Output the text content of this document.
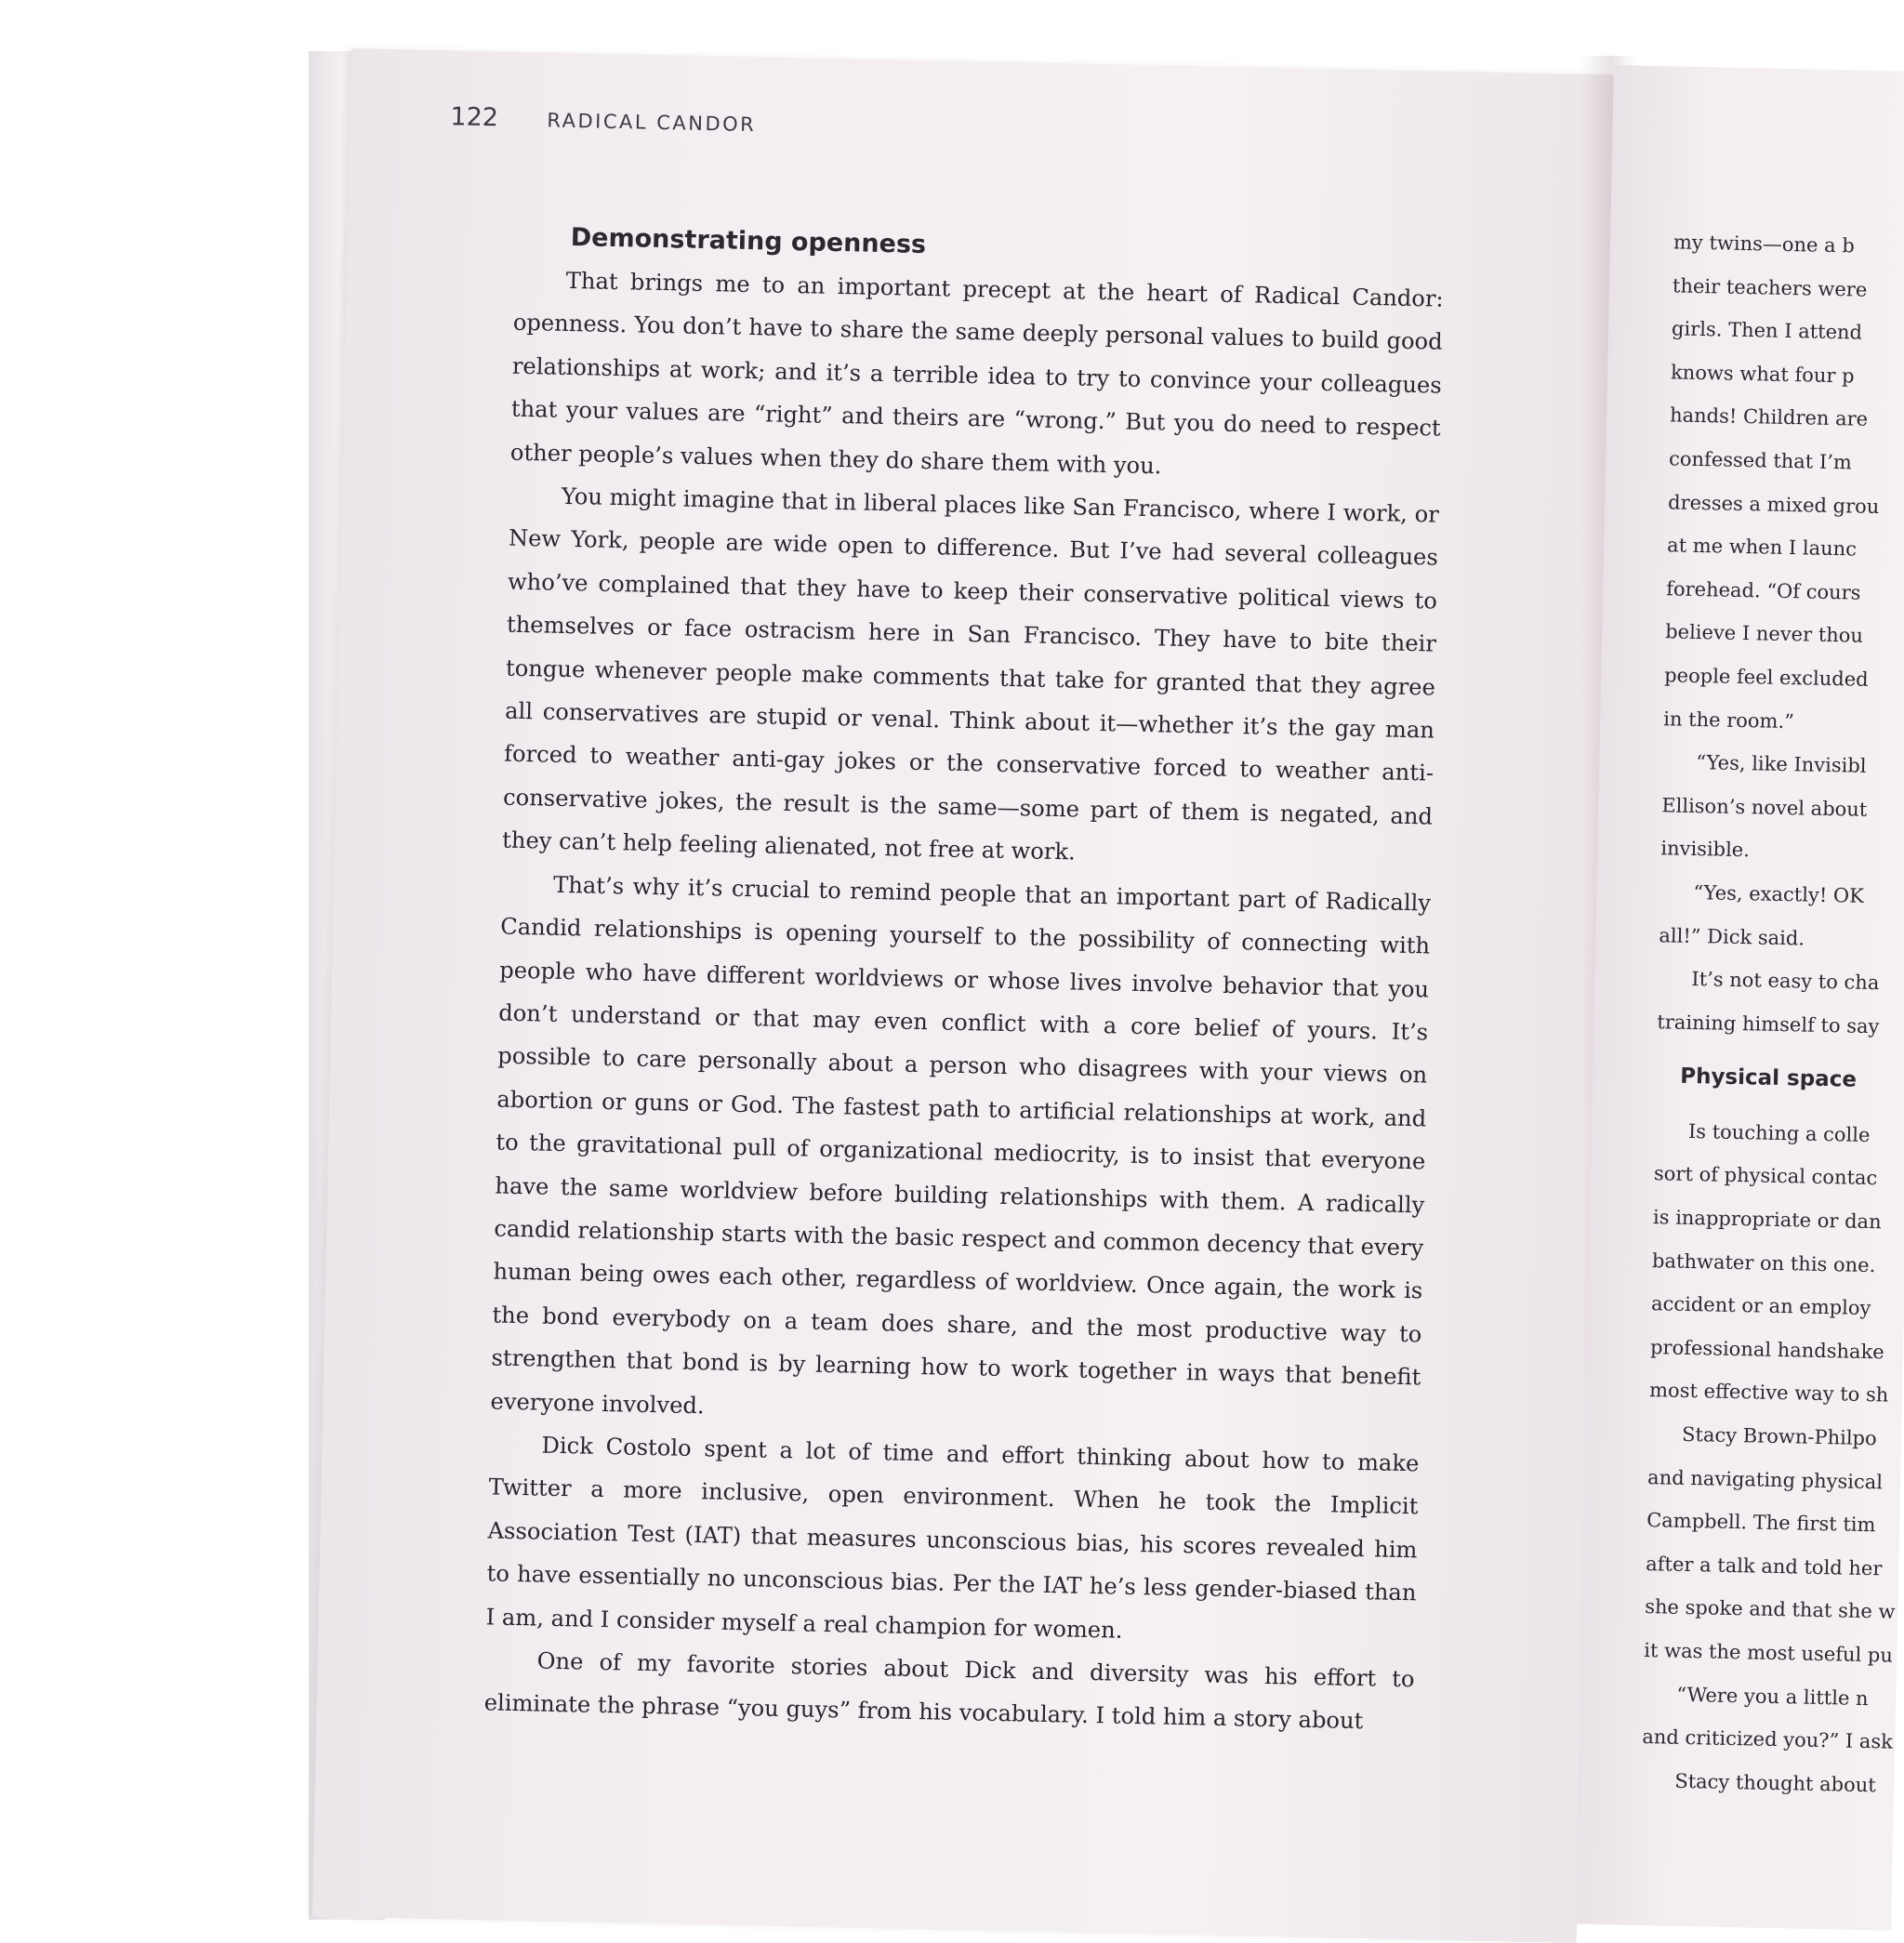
122 RADICAL CANDOR
Demonstrating openness

That brings me to an important precept at the heart of Radical Candor: openness. You don’t have to share the same deeply personal values to build good relationships at work; and it’s a terrible idea to try to convince your colleagues that your values are “right” and theirs are “wrong.” But you do need to respect other people’s values when they do share them with you.

You might imagine that in liberal places like San Francisco, where I work, or New York, people are wide open to difference. But I’ve had several colleagues who’ve complained that they have to keep their conservative political views to themselves or face ostracism here in San Francisco. They have to bite their tongue whenever people make comments that take for granted that they agree all conservatives are stupid or venal. Think about it—whether it’s the gay man forced to weather anti-gay jokes or the conservative forced to weather anti-conservative jokes, the result is the same—some part of them is negated, and they can’t help feeling alienated, not free at work.

That’s why it’s crucial to remind people that an important part of Radically Candid relationships is opening yourself to the possibility of connecting with people who have different worldviews or whose lives involve behavior that you don’t understand or that may even conflict with a core belief of yours. It’s possible to care personally about a person who disagrees with your views on abortion or guns or God. The fastest path to artificial relationships at work, and to the gravitational pull of organizational mediocrity, is to insist that everyone have the same worldview before building relationships with them. A radically candid relationship starts with the basic respect and common decency that every human being owes each other, regardless of worldview. Once again, the work is the bond everybody on a team does share, and the most productive way to strengthen that bond is by learning how to work together in ways that benefit everyone involved.

Dick Costolo spent a lot of time and effort thinking about how to make Twitter a more inclusive, open environment. When he took the Implicit Association Test (IAT) that measures unconscious bias, his scores revealed him to have essentially no unconscious bias. Per the IAT he’s less gender-biased than I am, and I consider myself a real champion for women.

One of my favorite stories about Dick and diversity was his effort to eliminate the phrase “you guys” from his vocabulary. I told him a story about

my twins—one a b
their teachers were
girls. Then I attend
knows what four p
hands! Children are
confessed that I’m
dresses a mixed grou
at me when I launc
forehead. “Of cours
believe I never thou
people feel excluded
in the room.”
“Yes, like Invisibl
Ellison’s novel about
invisible.
“Yes, exactly! OK
all!” Dick said.
It’s not easy to cha
training himself to say
Physical space
Is touching a colle
sort of physical contac
is inappropriate or dan
bathwater on this one.
accident or an employ
professional handshake
most effective way to sh
Stacy Brown-Philpo
and navigating physical
Campbell. The first tim
after a talk and told her
she spoke and that she w
it was the most useful pu
“Were you a little n
and criticized you?” I ask
Stacy thought about
